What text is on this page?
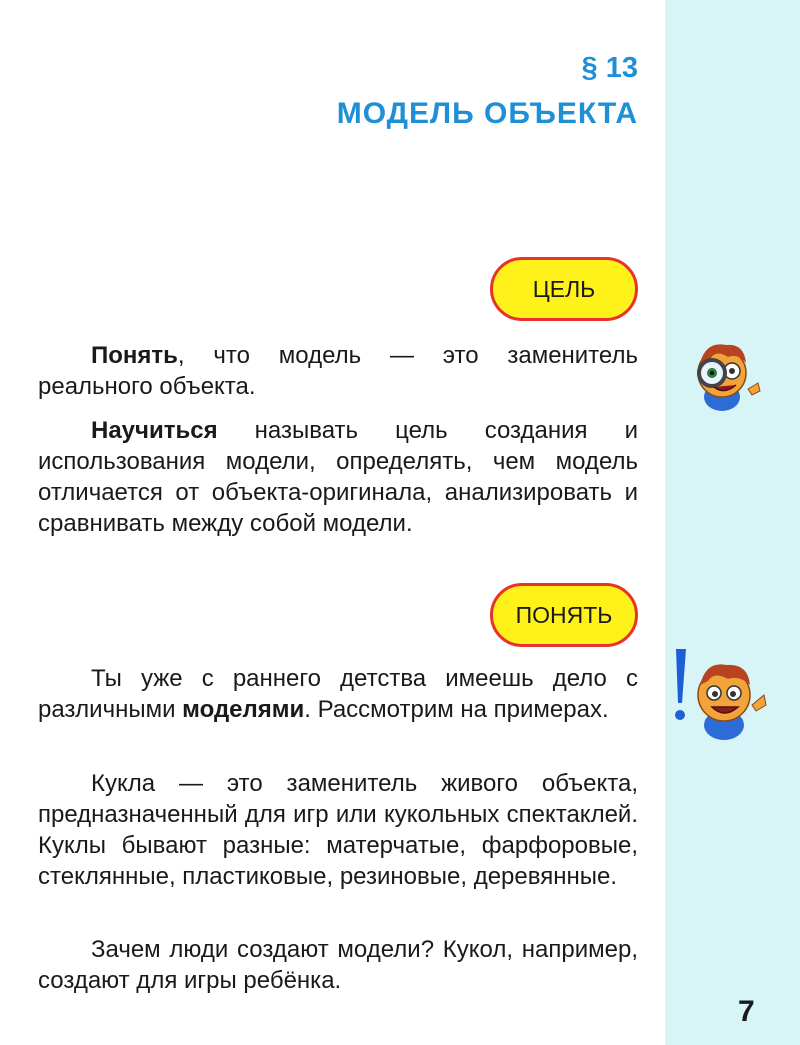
§ 13
МОДЕЛЬ ОБЪЕКТА
ЦЕЛЬ

Понять, что модель — это заменитель реального объекта.

Научиться называть цель создания и использования модели, определять, чем модель отличается от объекта-оригинала, анализировать и сравнивать между собой модели.

ПОНЯТЬ

Ты уже с раннего детства имеешь дело с различными моделями. Рассмотрим на примерах.

Кукла — это заменитель живого объекта, предназначенный для игр или кукольных спектаклей. Куклы бывают разные: матерчатые, фарфоровые, стеклянные, пластиковые, резиновые, деревянные.

Зачем люди создают модели? Кукол, например, создают для игры ребёнка.

7
